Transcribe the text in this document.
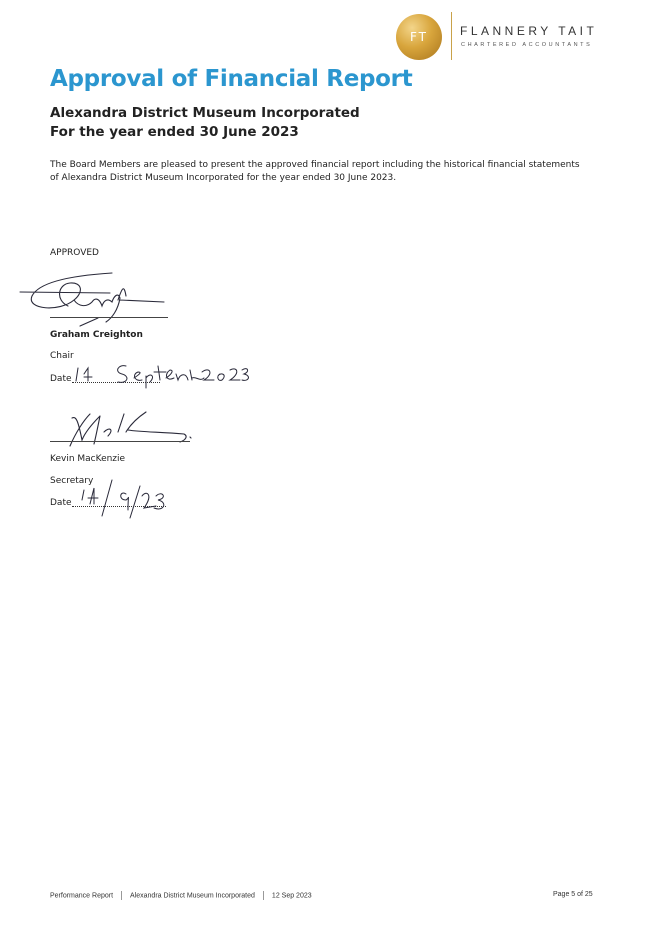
FT	FLANNERY TAIT
CHARTERED ACCOUNTANTS
Approval of Financial Report
Alexandra District Museum Incorporated
For the year ended 30 June 2023

The Board Members are pleased to present the approved financial report including the historical financial statements of Alexandra District Museum Incorporated for the year ended 30 June 2023.

APPROVED
Graham Creighton
Chair
Date
Kevin MacKenzie
Secretary
Date
Performance Report Alexandra District Museum Incorporated 12 Sep 2023	Page 5 of 25
